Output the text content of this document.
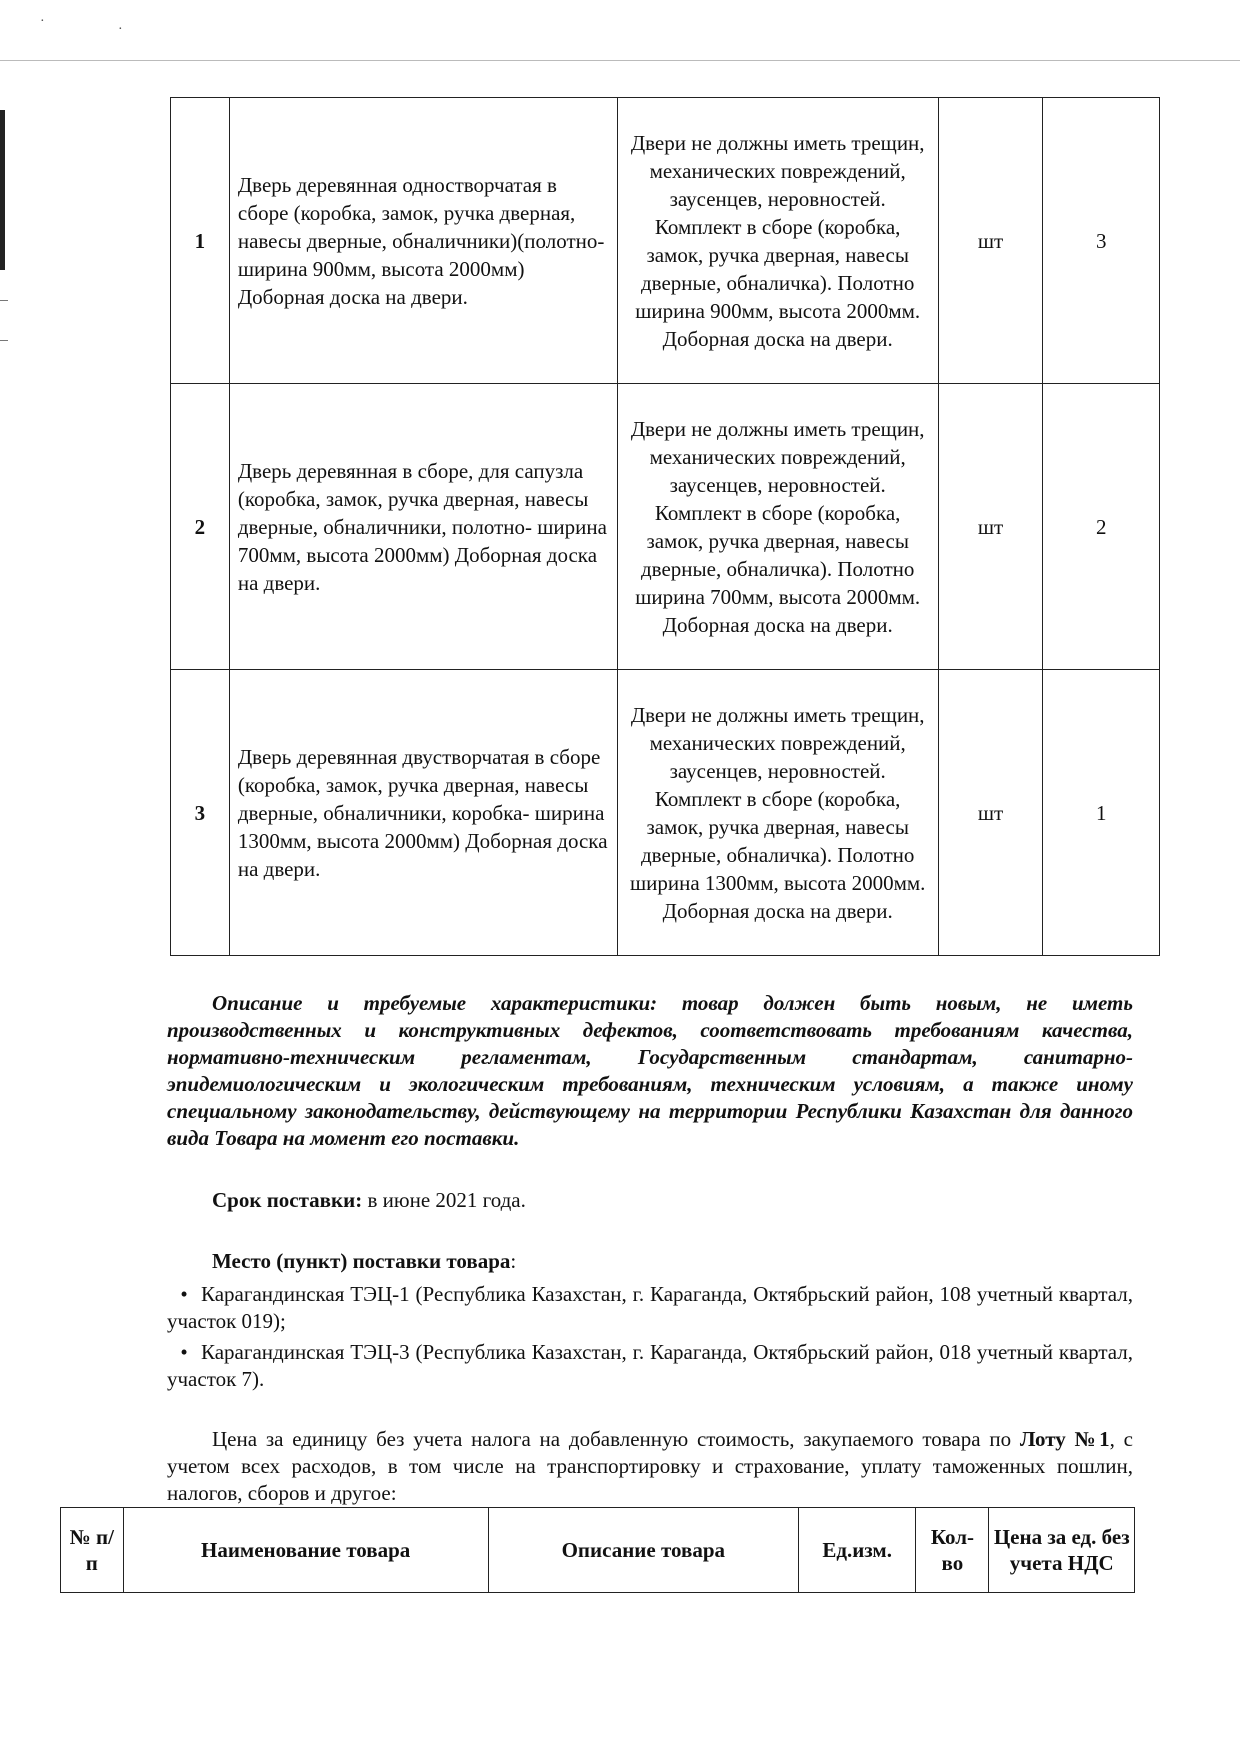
·
·
1	Дверь деревянная одностворчатая в сборе (коробка, замок, ручка дверная, навесы дверные, обналичники)(полотно- ширина 900мм, высота 2000мм) Доборная доска на двери.	Двери не должны иметь трещин, механических повреждений, заусенцев, неровностей. Комплект в сборе (коробка, замок, ручка дверная, навесы дверные, обналичка). Полотно ширина 900мм, высота 2000мм. Доборная доска на двери.	шт	3
2	Дверь деревянная в сборе, для сапузла (коробка, замок, ручка дверная, навесы дверные, обналичники, полотно- ширина 700мм, высота 2000мм) Доборная доска на двери.	Двери не должны иметь трещин, механических повреждений, заусенцев, неровностей. Комплект в сборе (коробка, замок, ручка дверная, навесы дверные, обналичка). Полотно ширина 700мм, высота 2000мм. Доборная доска на двери.	шт	2
3	Дверь деревянная двустворчатая в сборе (коробка, замок, ручка дверная, навесы дверные, обналичники, коробка- ширина 1300мм, высота 2000мм) Доборная доска на двери.	Двери не должны иметь трещин, механических повреждений, заусенцев, неровностей. Комплект в сборе (коробка, замок, ручка дверная, навесы дверные, обналичка). Полотно ширина 1300мм, высота 2000мм. Доборная доска на двери.	шт	1
Описание и требуемые характеристики: товар должен быть новым, не иметь производственных и конструктивных дефектов, соответствовать требованиям качества, нормативно-техническим регламентам, Государственным стандартам, санитарно-эпидемиологическим и экологическим требованиям, техническим условиям, а также иному специальному законодательству, действующему на территории Республики Казахстан для данного вида Товара на момент его поставки.
Срок поставки: в июне 2021 года.
Место (пункт) поставки товара:
• Карагандинская ТЭЦ-1 (Республика Казахстан, г. Караганда, Октябрьский район, 108 учетный квартал, участок 019);
• Карагандинская ТЭЦ-3 (Республика Казахстан, г. Караганда, Октябрьский район, 018 учетный квартал, участок 7).
Цена за единицу без учета налога на добавленную стоимость, закупаемого товара по Лоту №1, с учетом всех расходов, в том числе на транспортировку и страхование, уплату таможенных пошлин, налогов, сборов и другое:
№ п/п	Наименование товара	Описание товара	Ед.изм.	Кол-во	Цена за ед. без учета НДС
